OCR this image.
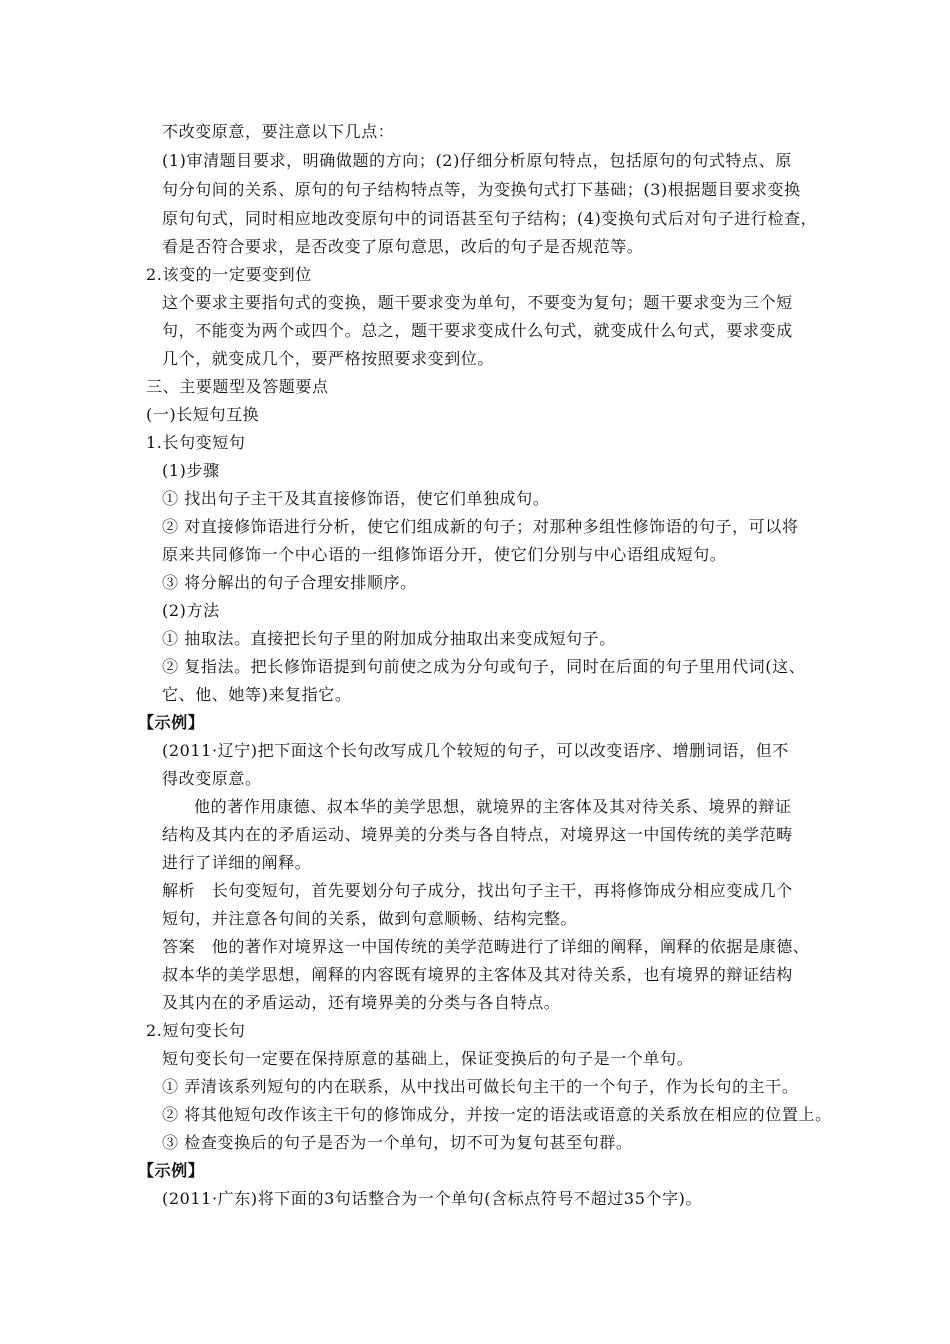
不改变原意，要注意以下几点：
(1)审清题目要求，明确做题的方向；(2)仔细分析原句特点，包括原句的句式特点、原
句分句间的关系、原句的句子结构特点等，为变换句式打下基础；(3)根据题目要求变换
原句句式，同时相应地改变原句中的词语甚至句子结构；(4)变换句式后对句子进行检查，
看是否符合要求，是否改变了原句意思，改后的句子是否规范等。
2.该变的一定要变到位
这个要求主要指句式的变换，题干要求变为单句，不要变为复句；题干要求变为三个短
句，不能变为两个或四个。总之，题干要求变成什么句式，就变成什么句式，要求变成
几个，就变成几个，要严格按照要求变到位。
三、主要题型及答题要点
(一)长短句互换
1.长句变短句
(1)步骤
① 找出句子主干及其直接修饰语，使它们单独成句。
② 对直接修饰语进行分析，使它们组成新的句子；对那种多组性修饰语的句子，可以将
原来共同修饰一个中心语的一组修饰语分开，使它们分别与中心语组成短句。
③ 将分解出的句子合理安排顺序。
(2)方法
① 抽取法。直接把长句子里的附加成分抽取出来变成短句子。
② 复指法。把长修饰语提到句前使之成为分句或句子，同时在后面的句子里用代词(这、
它、他、她等)来复指它。
【示例】
(2011·辽宁)把下面这个长句改写成几个较短的句子，可以改变语序、增删词语，但不
得改变原意。
他的著作用康德、叔本华的美学思想，就境界的主客体及其对待关系、境界的辩证
结构及其内在的矛盾运动、境界美的分类与各自特点，对境界这一中国传统的美学范畴
进行了详细的阐释。
解析　长句变短句，首先要划分句子成分，找出句子主干，再将修饰成分相应变成几个
短句，并注意各句间的关系，做到句意顺畅、结构完整。
答案　他的著作对境界这一中国传统的美学范畴进行了详细的阐释，阐释的依据是康德、
叔本华的美学思想，阐释的内容既有境界的主客体及其对待关系，也有境界的辩证结构
及其内在的矛盾运动，还有境界美的分类与各自特点。
2.短句变长句
短句变长句一定要在保持原意的基础上，保证变换后的句子是一个单句。
① 弄清该系列短句的内在联系，从中找出可做长句主干的一个句子，作为长句的主干。
② 将其他短句改作该主干句的修饰成分，并按一定的语法或语意的关系放在相应的位置上。
③ 检查变换后的句子是否为一个单句，切不可为复句甚至句群。
【示例】
(2011·广东)将下面的3句话整合为一个单句(含标点符号不超过35个字)。
